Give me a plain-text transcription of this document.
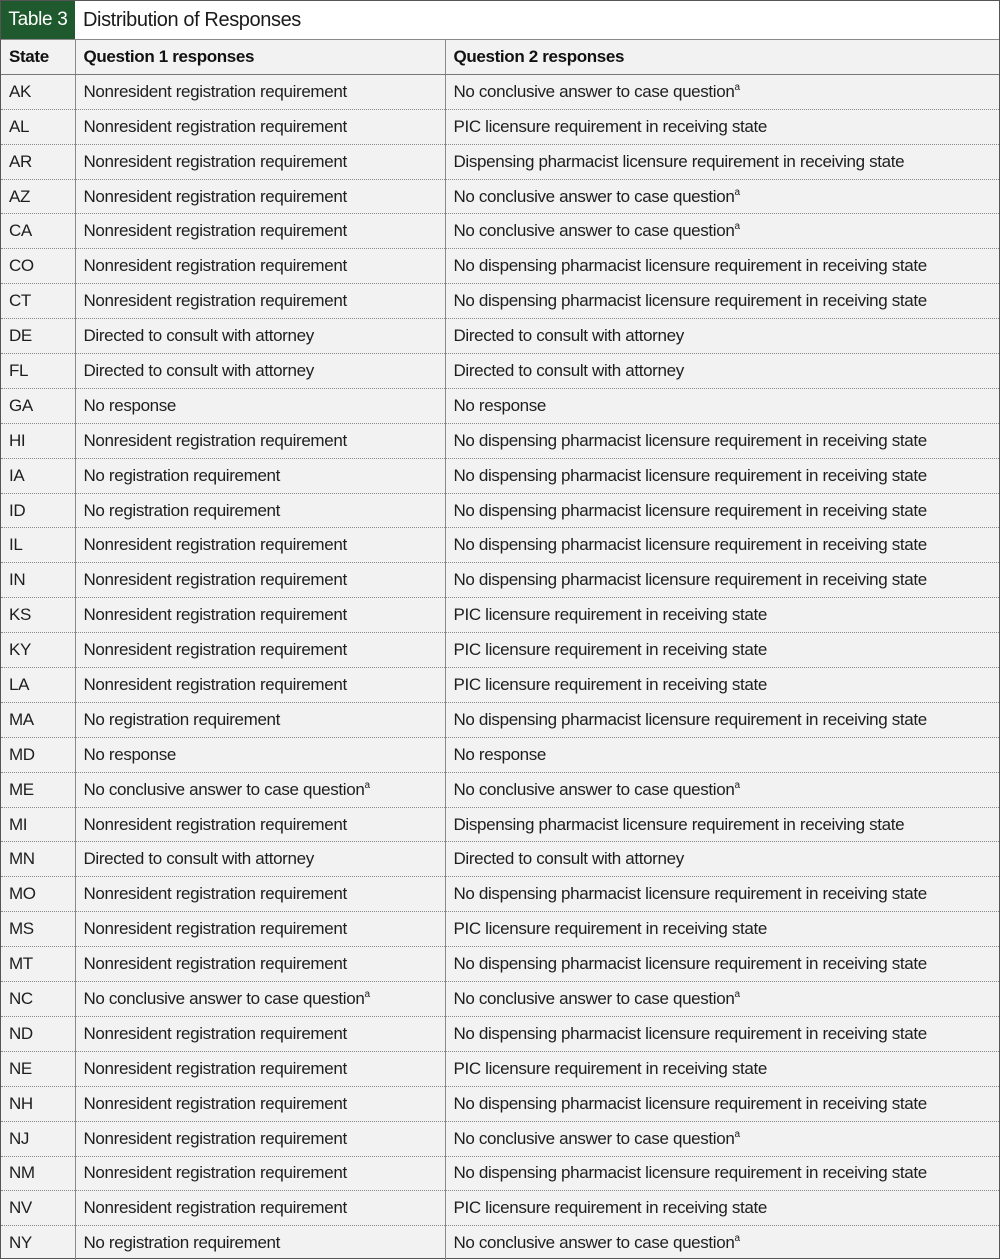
Table 3 Distribution of Responses
State	Question 1 responses	Question 2 responses
AK	Nonresident registration requirement	No conclusive answer to case question$^a$
AL	Nonresident registration requirement	PIC licensure requirement in receiving state
AR	Nonresident registration requirement	Dispensing pharmacist licensure requirement in receiving state
AZ	Nonresident registration requirement	No conclusive answer to case question$^a$
CA	Nonresident registration requirement	No conclusive answer to case question$^a$
CO	Nonresident registration requirement	No dispensing pharmacist licensure requirement in receiving state
CT	Nonresident registration requirement	No dispensing pharmacist licensure requirement in receiving state
DE	Directed to consult with attorney	Directed to consult with attorney
FL	Directed to consult with attorney	Directed to consult with attorney
GA	No response	No response
HI	Nonresident registration requirement	No dispensing pharmacist licensure requirement in receiving state
IA	No registration requirement	No dispensing pharmacist licensure requirement in receiving state
ID	No registration requirement	No dispensing pharmacist licensure requirement in receiving state
IL	Nonresident registration requirement	No dispensing pharmacist licensure requirement in receiving state
IN	Nonresident registration requirement	No dispensing pharmacist licensure requirement in receiving state
KS	Nonresident registration requirement	PIC licensure requirement in receiving state
KY	Nonresident registration requirement	PIC licensure requirement in receiving state
LA	Nonresident registration requirement	PIC licensure requirement in receiving state
MA	No registration requirement	No dispensing pharmacist licensure requirement in receiving state
MD	No response	No response
ME	No conclusive answer to case question$^a$	No conclusive answer to case question$^a$
MI	Nonresident registration requirement	Dispensing pharmacist licensure requirement in receiving state
MN	Directed to consult with attorney	Directed to consult with attorney
MO	Nonresident registration requirement	No dispensing pharmacist licensure requirement in receiving state
MS	Nonresident registration requirement	PIC licensure requirement in receiving state
MT	Nonresident registration requirement	No dispensing pharmacist licensure requirement in receiving state
NC	No conclusive answer to case question$^a$	No conclusive answer to case question$^a$
ND	Nonresident registration requirement	No dispensing pharmacist licensure requirement in receiving state
NE	Nonresident registration requirement	PIC licensure requirement in receiving state
NH	Nonresident registration requirement	No dispensing pharmacist licensure requirement in receiving state
NJ	Nonresident registration requirement	No conclusive answer to case question$^a$
NM	Nonresident registration requirement	No dispensing pharmacist licensure requirement in receiving state
NV	Nonresident registration requirement	PIC licensure requirement in receiving state
NY	No registration requirement	No conclusive answer to case question$^a$
